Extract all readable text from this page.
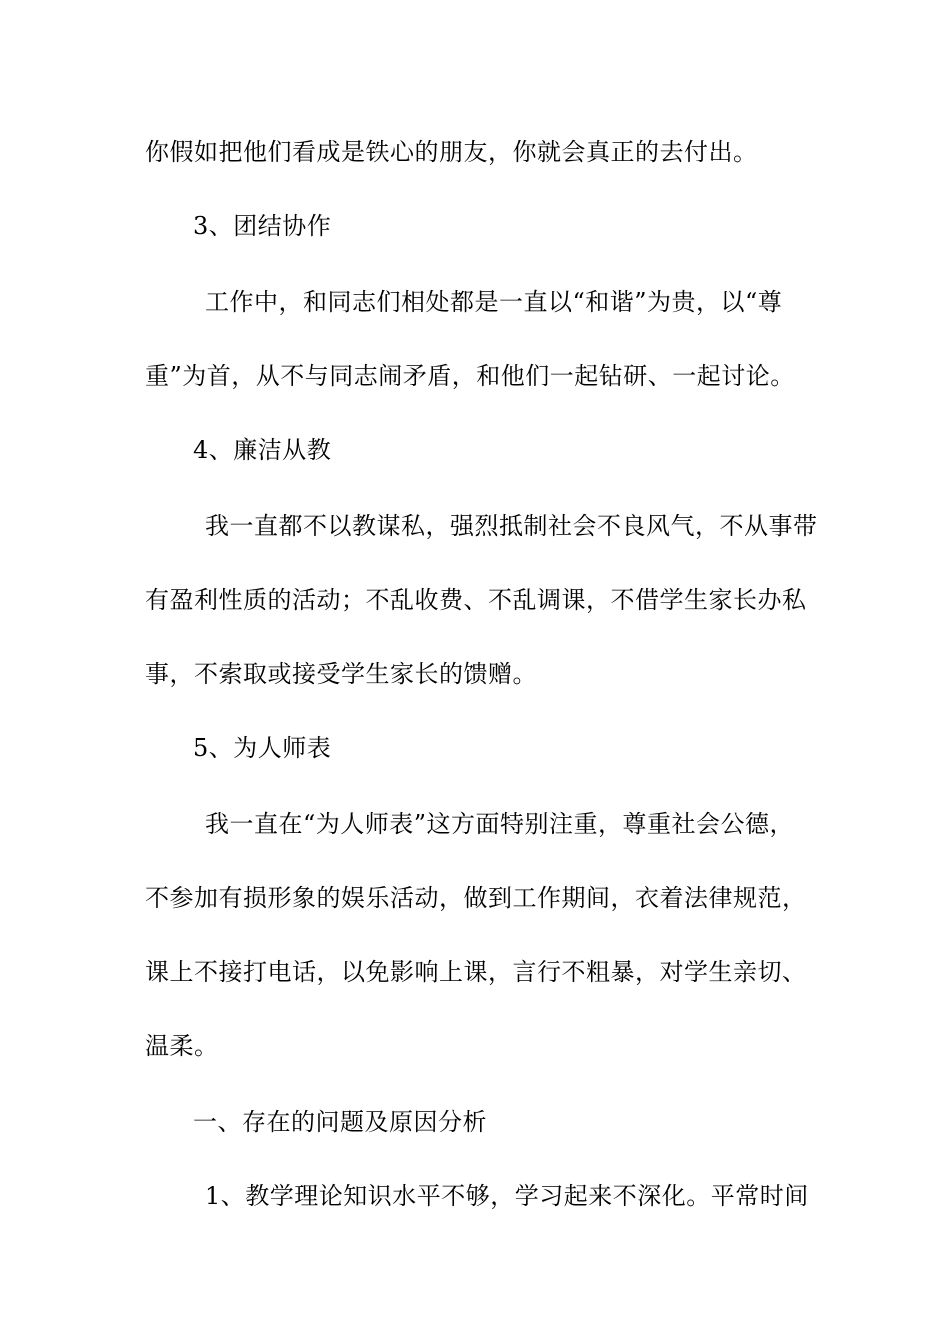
你假如把他们看成是铁心的朋友，你就会真正的去付出。
3、团结协作
工作中，和同志们相处都是一直以“和谐”为贵，以“尊
重”为首，从不与同志闹矛盾，和他们一起钻研、一起讨论。
4、廉洁从教
我一直都不以教谋私，强烈抵制社会不良风气，不从事带
有盈利性质的活动；不乱收费、不乱调课，不借学生家长办私
事，不索取或接受学生家长的馈赠。
5、为人师表
我一直在“为人师表”这方面特别注重，尊重社会公德，
不参加有损形象的娱乐活动，做到工作期间，衣着法律规范，
课上不接打电话，以免影响上课，言行不粗暴，对学生亲切、
温柔。
一、存在的问题及原因分析
1、教学理论知识水平不够，学习起来不深化。平常时间
